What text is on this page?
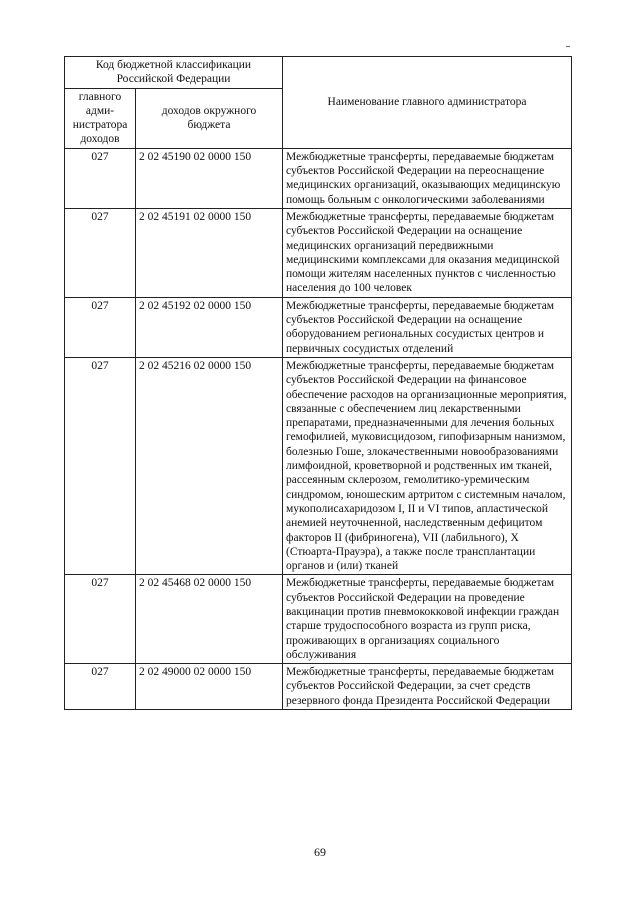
Код бюджетной классификации Российской Федерации		Наименование главного администратора
главного адми-нистратора доходов	доходов окружного бюджета	
027	2 02 45190 02 0000 150	Межбюджетные трансферты, передаваемые бюджетам субъектов Российской Федерации на переоснащение медицинских организаций, оказывающих медицинскую помощь больным с онкологическими заболеваниями
027	2 02 45191 02 0000 150	Межбюджетные трансферты, передаваемые бюджетам субъектов Российской Федерации на оснащение медицинских организаций передвижными медицинскими комплексами для оказания медицинской помощи жителям населенных пунктов с численностью населения до 100 человек
027	2 02 45192 02 0000 150	Межбюджетные трансферты, передаваемые бюджетам субъектов Российской Федерации на оснащение оборудованием региональных сосудистых центров и первичных сосудистых отделений
027	2 02 45216 02 0000 150	Межбюджетные трансферты, передаваемые бюджетам субъектов Российской Федерации на финансовое обеспечение расходов на организационные мероприятия, связанные с обеспечением лиц лекарственными препаратами, предназначенными для лечения больных гемофилией, муковисцидозом, гипофизарным нанизмом, болезнью Гоше, злокачественными новообразованиями лимфоидной, кроветворной и родственных им тканей, рассеянным склерозом, гемолитико-уремическим синдромом, юношеским артритом с системным началом, мукополисахаридозом I, II и VI типов, апластической анемией неуточненной, наследственным дефицитом факторов II (фибриногена), VII (лабильного), X (Стюарта-Прауэра), а также после трансплантации органов и (или) тканей
027	2 02 45468 02 0000 150	Межбюджетные трансферты, передаваемые бюджетам субъектов Российской Федерации на проведение вакцинации против пневмококковой инфекции граждан старше трудоспособного возраста из групп риска, проживающих в организациях социального обслуживания
027	2 02 49000 02 0000 150	Межбюджетные трансферты, передаваемые бюджетам субъектов Российской Федерации, за счет средств резервного фонда Президента Российской Федерации
69
